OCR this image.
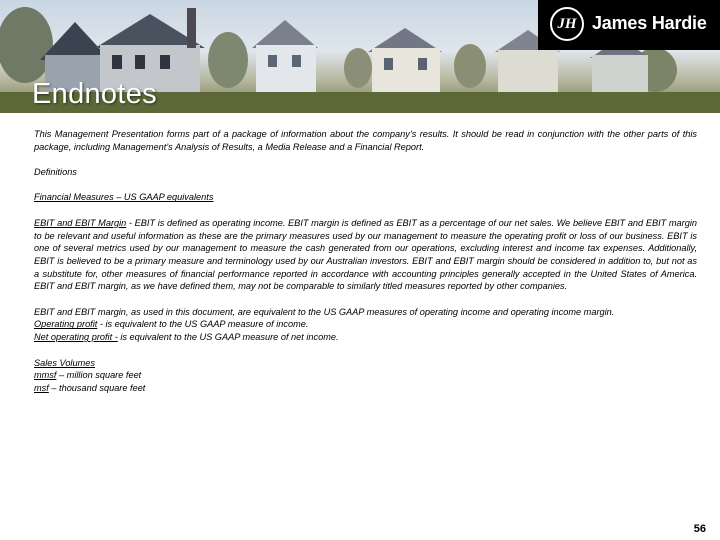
Endnotes
JH James Hardie

This Management Presentation forms part of a package of information about the company’s results. It should be read in conjunction with the other parts of this package, including Management’s Analysis of Results, a Media Release and a Financial Report.

Definitions

Financial Measures – US GAAP equivalents

EBIT and EBIT Margin - EBIT is defined as operating income. EBIT margin is defined as EBIT as a percentage of our net sales. We believe EBIT and EBIT margin to be relevant and useful information as these are the primary measures used by our management to measure the operating profit or loss of our business. EBIT is one of several metrics used by our management to measure the cash generated from our operations, excluding interest and income tax expenses. Additionally, EBIT is believed to be a primary measure and terminology used by our Australian investors. EBIT and EBIT margin should be considered in addition to, but not as a substitute for, other measures of financial performance reported in accordance with accounting principles generally accepted in the United States of America. EBIT and EBIT margin, as we have defined them, may not be comparable to similarly titled measures reported by other companies.

EBIT and EBIT margin, as used in this document, are equivalent to the US GAAP measures of operating income and operating income margin.

Operating profit - is equivalent to the US GAAP measure of income.

Net operating profit - is equivalent to the US GAAP measure of net income.

Sales Volumes

mmsf – million square feet

msf – thousand square feet

56
